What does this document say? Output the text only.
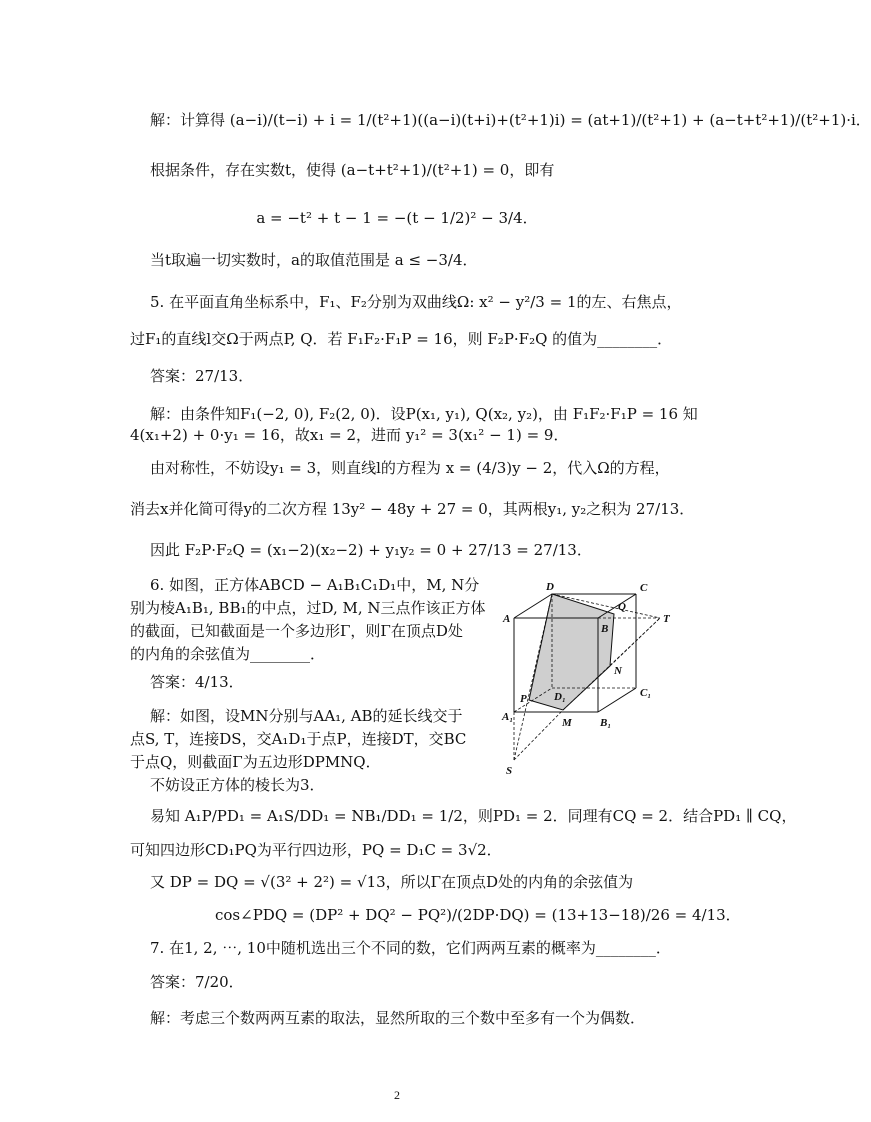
解：计算得 (a−i)/(t−i) + i = 1/(t²+1)((a−i)(t+i)+(t²+1)i) = (at+1)/(t²+1) + (a−t+t²+1)/(t²+1)·i．
根据条件，存在实数t，使得 (a−t+t²+1)/(t²+1) = 0，即有
a = −t² + t − 1 = −(t − 1/2)² − 3/4．
当t取遍一切实数时，a的取值范围是 a ≤ −3/4．
5. 在平面直角坐标系中，F₁、F₂分别为双曲线Ω: x² − y²/3 = 1的左、右焦点，
过F₁的直线l交Ω于两点P, Q．若 F₁F₂·F₁P = 16，则 F₂P·F₂Q 的值为________．
答案：27/13．
解：由条件知F₁(−2, 0), F₂(2, 0)．设P(x₁, y₁), Q(x₂, y₂)，由 F₁F₂·F₁P = 16 知
4(x₁+2) + 0·y₁ = 16，故x₁ = 2，进而 y₁² = 3(x₁² − 1) = 9．
由对称性，不妨设y₁ = 3，则直线l的方程为 x = (4/3)y − 2，代入Ω的方程，
消去x并化简可得y的二次方程 13y² − 48y + 27 = 0，其两根y₁, y₂之积为 27/13．
因此 F₂P·F₂Q = (x₁−2)(x₂−2) + y₁y₂ = 0 + 27/13 = 27/13．
6. 如图，正方体ABCD − A₁B₁C₁D₁中，M, N分
别为棱A₁B₁, BB₁的中点，过D, M, N三点作该正方体
的截面，已知截面是一个多边形Γ，则Γ在顶点D处
的内角的余弦值为________．
答案：4/13．
解：如图，设MN分别与AA₁, AB的延长线交于
点S, T，连接DS，交A₁D₁于点P，连接DT，交BC
于点Q，则截面Γ为五边形DPMNQ．
不妨设正方体的棱长为3．
易知 A₁P/PD₁ = A₁S/DD₁ = NB₁/DD₁ = 1/2，则PD₁ = 2．同理有CQ = 2．结合PD₁ ∥ CQ，
可知四边形CD₁PQ为平行四边形，PQ = D₁C = 3√2．
又 DP = DQ = √(3² + 2²) = √13，所以Γ在顶点D处的内角的余弦值为
cos∠PDQ = (DP² + DQ² − PQ²)/(2DP·DQ) = (13+13−18)/26 = 4/13．
D	C
A
Q
T
B
N
D₁	C₁
P
A₁	M	B₁
S
7. 在1, 2, ⋯, 10中随机选出三个不同的数，它们两两互素的概率为________．
答案：7/20．
解：考虑三个数两两互素的取法，显然所取的三个数中至多有一个为偶数．
2
